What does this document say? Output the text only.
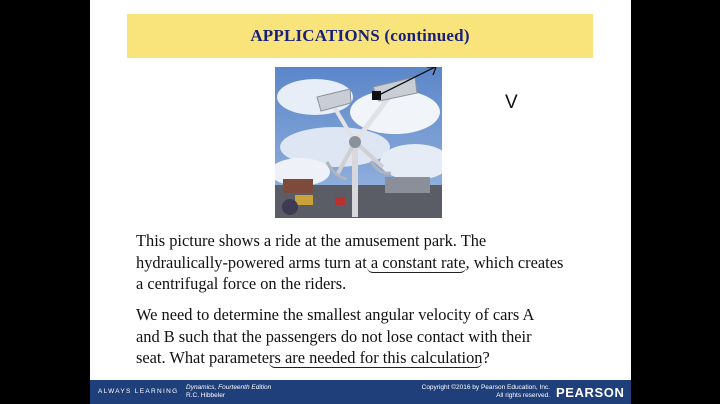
APPLICATIONS (continued)
V
This picture shows a ride at the amusement park. The
hydraulically-powered arms turn at a constant rate, which creates
a centrifugal force on the riders.
We need to determine the smallest angular velocity of cars A
and B such that the passengers do not lose contact with their
seat. What parameters are needed for this calculation?
ALWAYS LEARNING
Dynamics, Fourteenth Edition
R.C. Hibbeler
Copyright ©2016 by Pearson Education, Inc.
All rights reserved. PEARSON
